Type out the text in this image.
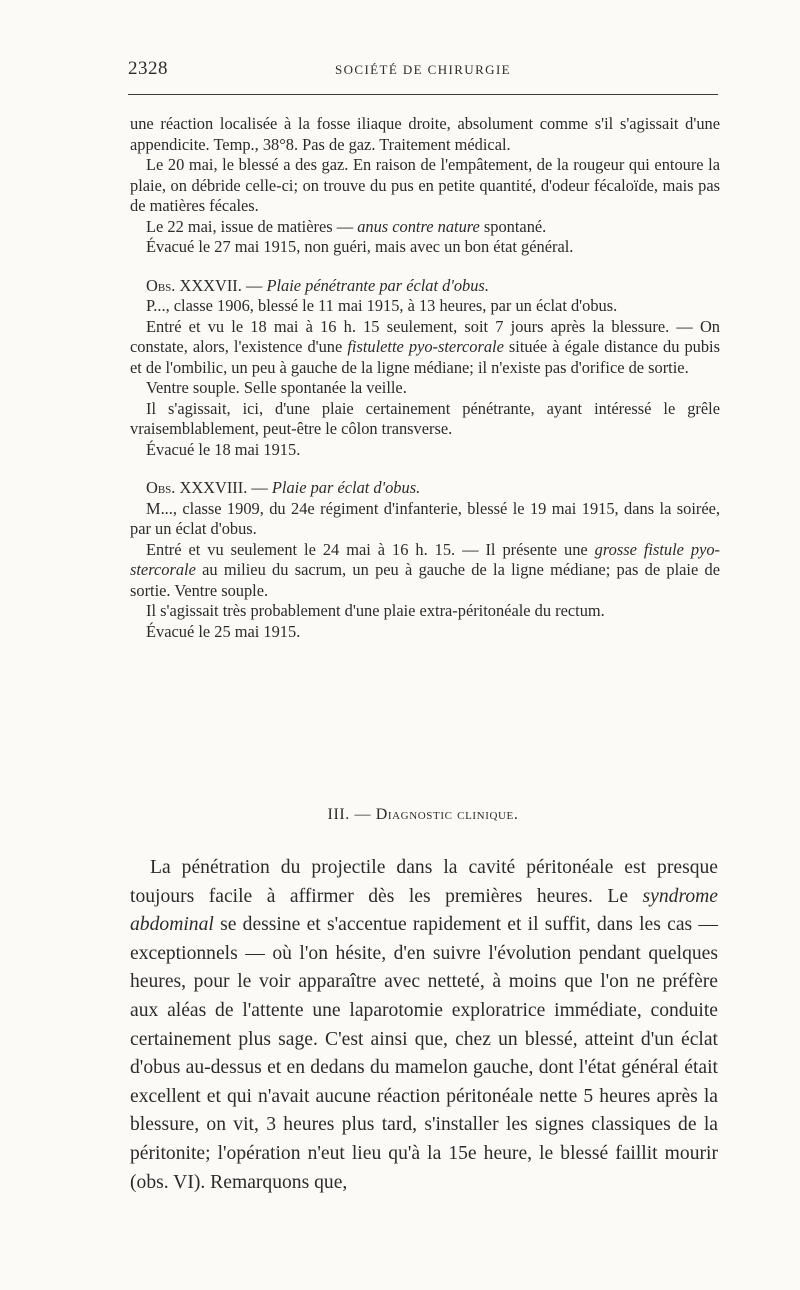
2328	SOCIÉTÉ DE CHIRURGIE

une réaction localisée à la fosse iliaque droite, absolument comme s'il s'agissait d'une appendicite. Temp., 38°8. Pas de gaz. Traitement médical.

Le 20 mai, le blessé a des gaz. En raison de l'empâtement, de la rougeur qui entoure la plaie, on débride celle-ci; on trouve du pus en petite quantité, d'odeur fécaloïde, mais pas de matières fécales.

Le 22 mai, issue de matières — anus contre nature spontané.

Évacué le 27 mai 1915, non guéri, mais avec un bon état général.

Obs. XXXVII. — Plaie pénétrante par éclat d'obus.

P..., classe 1906, blessé le 11 mai 1915, à 13 heures, par un éclat d'obus.

Entré et vu le 18 mai à 16 h. 15 seulement, soit 7 jours après la blessure. — On constate, alors, l'existence d'une fistulette pyo-stercorale située à égale distance du pubis et de l'ombilic, un peu à gauche de la ligne médiane; il n'existe pas d'orifice de sortie.

Ventre souple. Selle spontanée la veille.

Il s'agissait, ici, d'une plaie certainement pénétrante, ayant intéressé le grêle vraisemblablement, peut-être le côlon transverse.

Évacué le 18 mai 1915.

Obs. XXXVIII. — Plaie par éclat d'obus.

M..., classe 1909, du 24e régiment d'infanterie, blessé le 19 mai 1915, dans la soirée, par un éclat d'obus.

Entré et vu seulement le 24 mai à 16 h. 15. — Il présente une grosse fistule pyo-stercorale au milieu du sacrum, un peu à gauche de la ligne médiane; pas de plaie de sortie. Ventre souple.

Il s'agissait très probablement d'une plaie extra-péritonéale du rectum.

Évacué le 25 mai 1915.

III. — Diagnostic clinique.

La pénétration du projectile dans la cavité péritonéale est presque toujours facile à affirmer dès les premières heures. Le syndrome abdominal se dessine et s'accentue rapidement et il suffit, dans les cas — exceptionnels — où l'on hésite, d'en suivre l'évolution pendant quelques heures, pour le voir apparaître avec netteté, à moins que l'on ne préfère aux aléas de l'attente une laparotomie exploratrice immédiate, conduite certainement plus sage. C'est ainsi que, chez un blessé, atteint d'un éclat d'obus au-dessus et en dedans du mamelon gauche, dont l'état général était excellent et qui n'avait aucune réaction péritonéale nette 5 heures après la blessure, on vit, 3 heures plus tard, s'installer les signes classiques de la péritonite; l'opération n'eut lieu qu'à la 15e heure, le blessé faillit mourir (obs. VI). Remarquons que,
